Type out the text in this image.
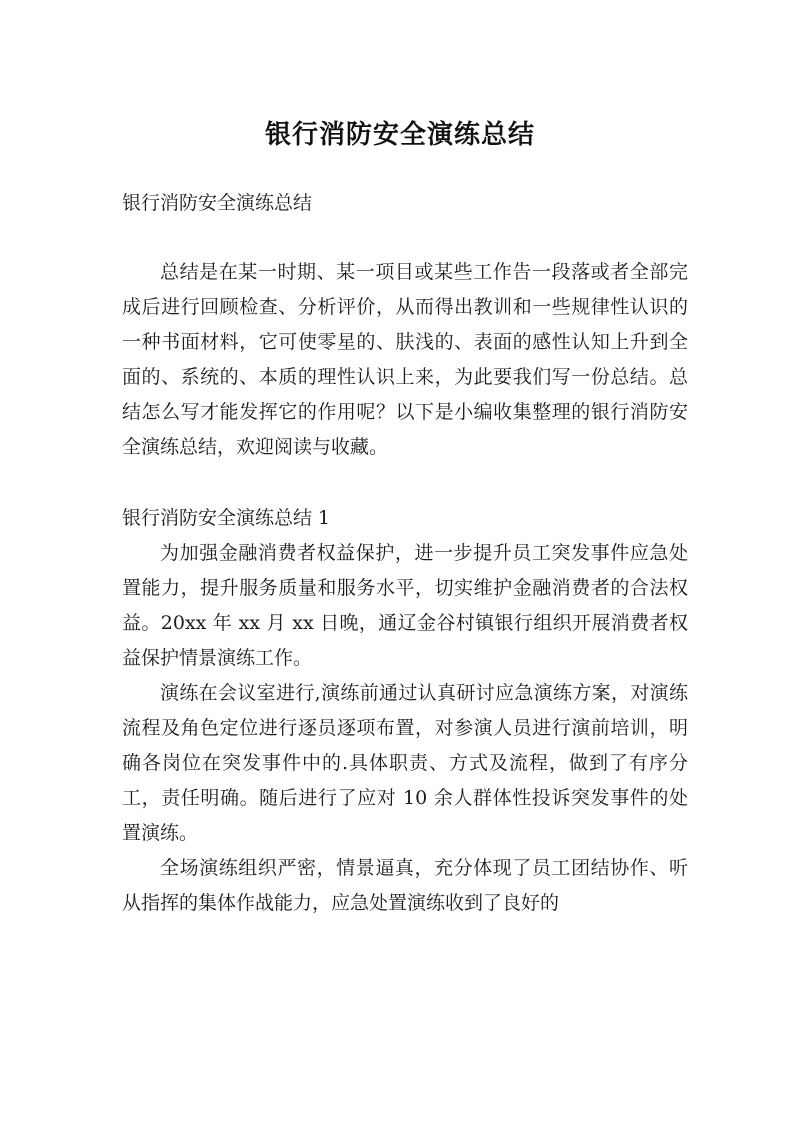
银行消防安全演练总结

银行消防安全演练总结

总结是在某一时期、某一项目或某些工作告一段落或者全部完成后进行回顾检查、分析评价，从而得出教训和一些规律性认识的一种书面材料，它可使零星的、肤浅的、表面的感性认知上升到全面的、系统的、本质的理性认识上来，为此要我们写一份总结。总结怎么写才能发挥它的作用呢？以下是小编收集整理的银行消防安全演练总结，欢迎阅读与收藏。

银行消防安全演练总结 1

为加强金融消费者权益保护，进一步提升员工突发事件应急处置能力，提升服务质量和服务水平，切实维护金融消费者的合法权益。20xx 年 xx 月 xx 日晚，通辽金谷村镇银行组织开展消费者权益保护情景演练工作。

演练在会议室进行,演练前通过认真研讨应急演练方案，对演练流程及角色定位进行逐员逐项布置，对参演人员进行演前培训，明确各岗位在突发事件中的.具体职责、方式及流程，做到了有序分工，责任明确。随后进行了应对 10 余人群体性投诉突发事件的处置演练。

全场演练组织严密，情景逼真，充分体现了员工团结协作、听从指挥的集体作战能力，应急处置演练收到了良好的
